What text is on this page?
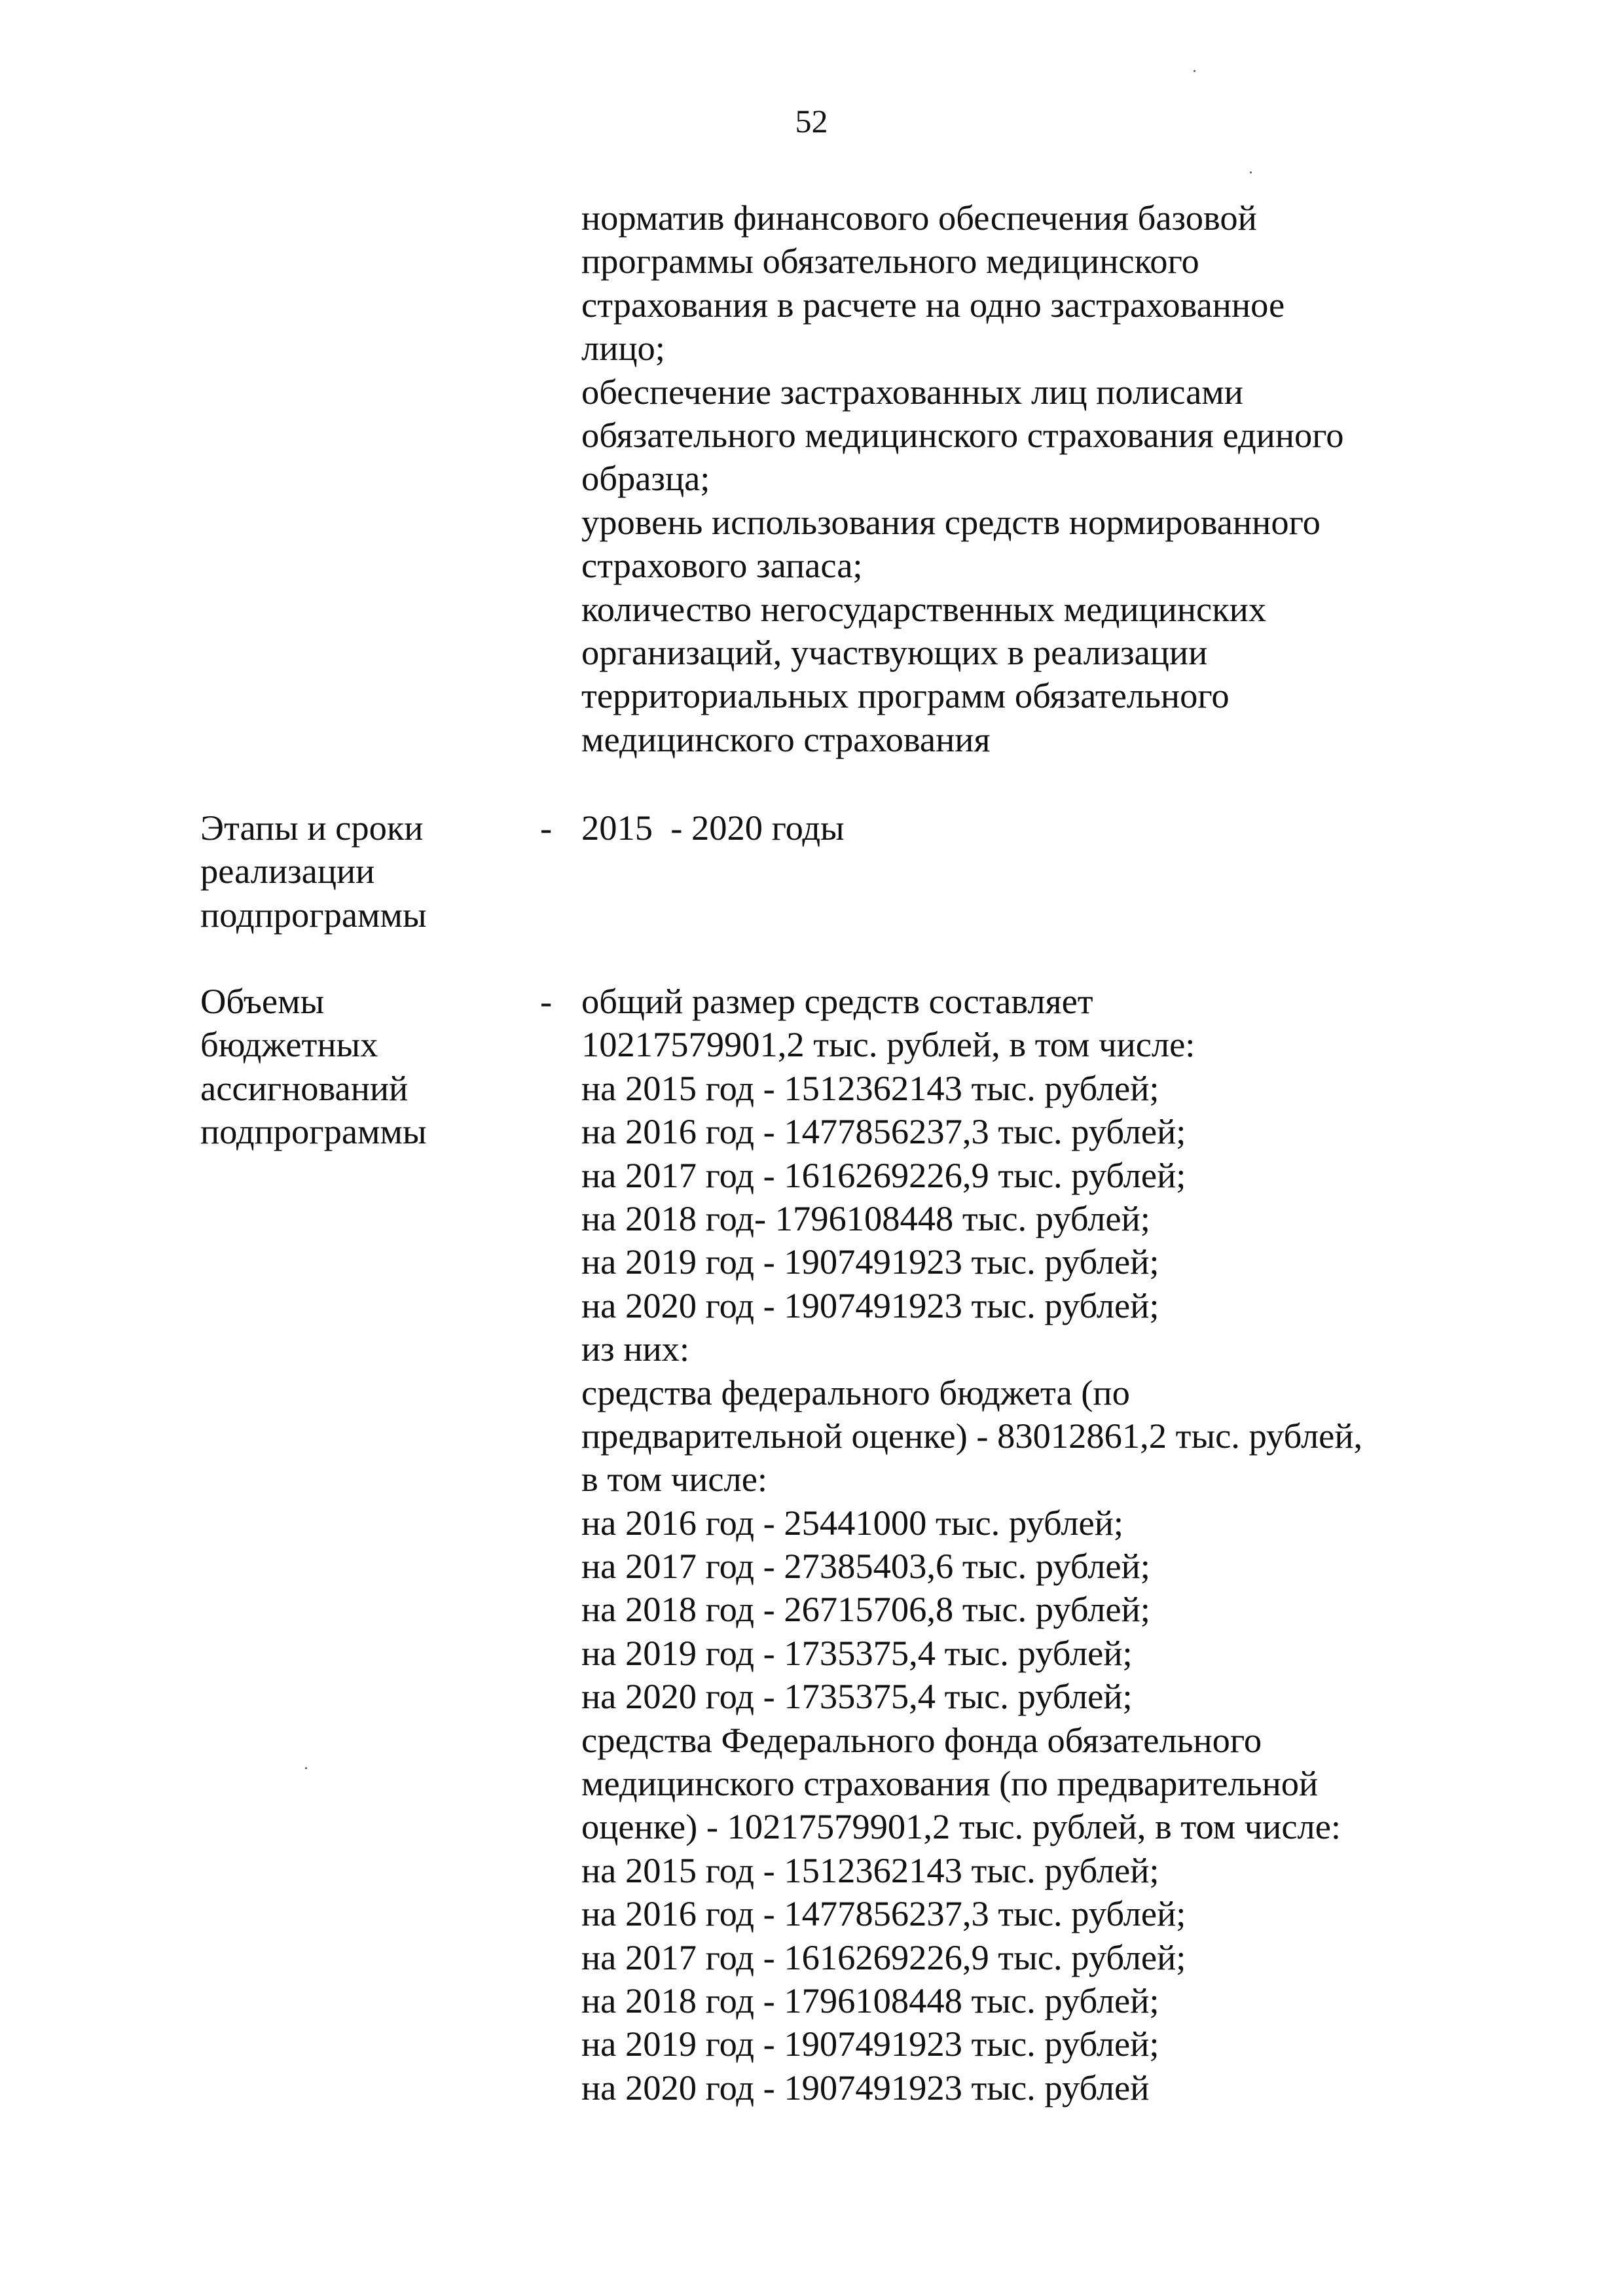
52
норматив финансового обеспечения базовой
программы обязательного медицинского
страхования в расчете на одно застрахованное
лицо;
обеспечение застрахованных лиц полисами
обязательного медицинского страхования единого
образца;
уровень использования средств нормированного
страхового запаса;
количество негосударственных медицинских
организаций, участвующих в реализации
территориальных программ обязательного
медицинского страхования
Этапы и сроки
реализации
подпрограммы
- 2015  - 2020 годы
Объемы
бюджетных
ассигнований
подпрограммы
- общий размер средств составляет
10217579901,2 тыс. рублей, в том числе:
на 2015 год - 1512362143 тыс. рублей;
на 2016 год - 1477856237,3 тыс. рублей;
на 2017 год - 1616269226,9 тыс. рублей;
на 2018 год- 1796108448 тыс. рублей;
на 2019 год - 1907491923 тыс. рублей;
на 2020 год - 1907491923 тыс. рублей;
из них:
средства федерального бюджета (по
предварительной оценке) - 83012861,2 тыс. рублей,
в том числе:
на 2016 год - 25441000 тыс. рублей;
на 2017 год - 27385403,6 тыс. рублей;
на 2018 год - 26715706,8 тыс. рублей;
на 2019 год - 1735375,4 тыс. рублей;
на 2020 год - 1735375,4 тыс. рублей;
средства Федерального фонда обязательного
медицинского страхования (по предварительной
оценке) - 10217579901,2 тыс. рублей, в том числе:
на 2015 год - 1512362143 тыс. рублей;
на 2016 год - 1477856237,3 тыс. рублей;
на 2017 год - 1616269226,9 тыс. рублей;
на 2018 год - 1796108448 тыс. рублей;
на 2019 год - 1907491923 тыс. рублей;
на 2020 год - 1907491923 тыс. рублей
